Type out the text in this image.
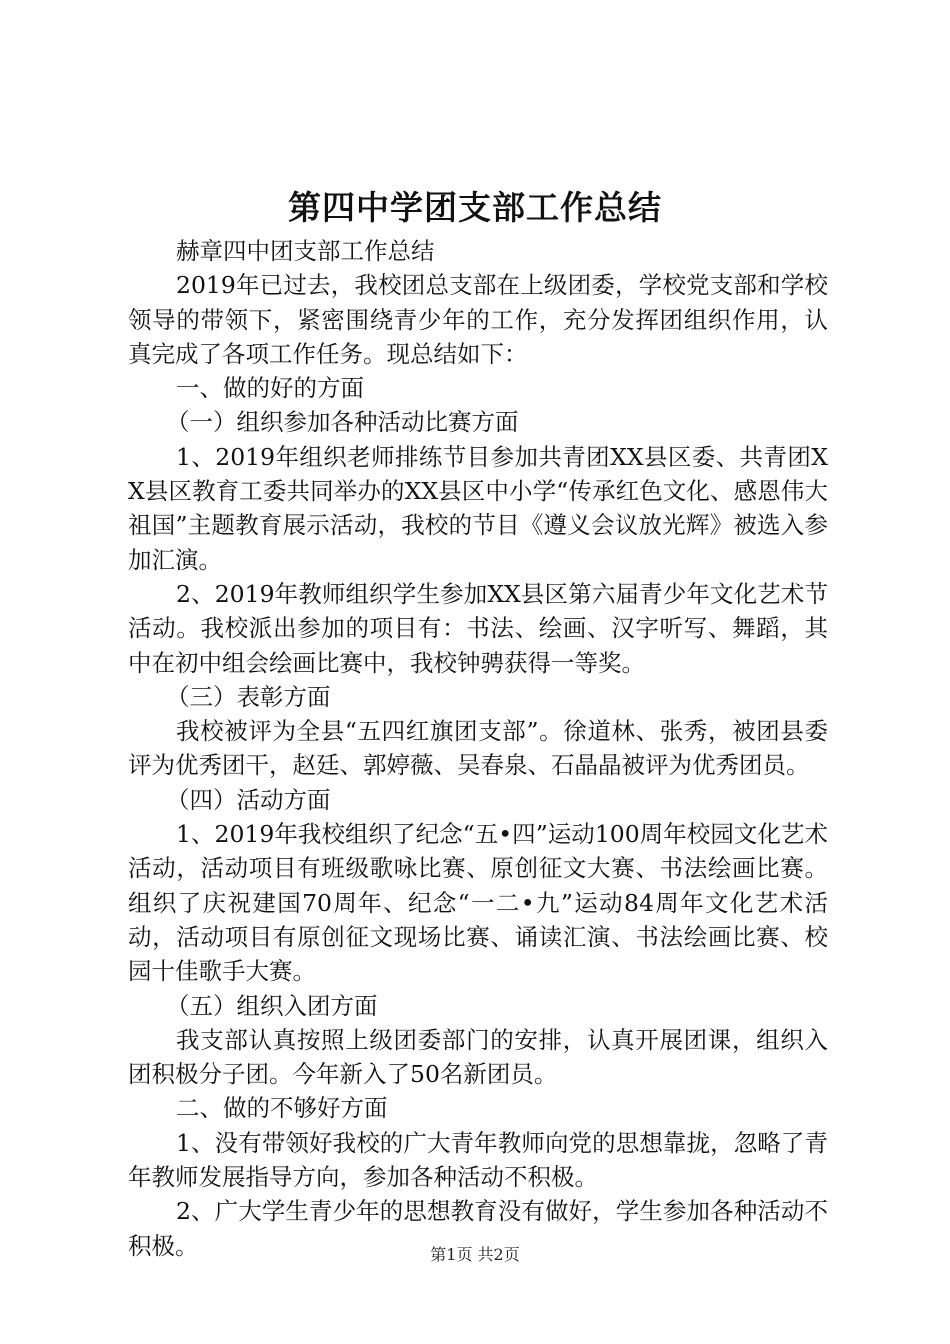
第四中学团支部工作总结

赫章四中团支部工作总结

2019年已过去，我校团总支部在上级团委，学校党支部和学校领导的带领下，紧密围绕青少年的工作，充分发挥团组织作用，认真完成了各项工作任务。现总结如下：

一、做的好的方面

（一）组织参加各种活动比赛方面

1、2019年组织老师排练节目参加共青团XX县区委、共青团XX县区教育工委共同举办的XX县区中小学“传承红色文化、感恩伟大祖国”主题教育展示活动，我校的节目《遵义会议放光辉》被选入参加汇演。

2、2019年教师组织学生参加XX县区第六届青少年文化艺术节活动。我校派出参加的项目有：书法、绘画、汉字听写、舞蹈，其中在初中组会绘画比赛中，我校钟骋获得一等奖。

（三）表彰方面

我校被评为全县“五四红旗团支部”。徐道林、张秀，被团县委评为优秀团干，赵廷、郭婷薇、吴春泉、石晶晶被评为优秀团员。

（四）活动方面

1、2019年我校组织了纪念“五•四”运动100周年校园文化艺术活动，活动项目有班级歌咏比赛、原创征文大赛、书法绘画比赛。组织了庆祝建国70周年、纪念“一二•九”运动84周年文化艺术活动，活动项目有原创征文现场比赛、诵读汇演、书法绘画比赛、校园十佳歌手大赛。

（五）组织入团方面

我支部认真按照上级团委部门的安排，认真开展团课，组织入团积极分子团。今年新入了50名新团员。

二、做的不够好方面

1、没有带领好我校的广大青年教师向党的思想靠拢，忽略了青年教师发展指导方向，参加各种活动不积极。

2、广大学生青少年的思想教育没有做好，学生参加各种活动不积极。	第1页 共2页
